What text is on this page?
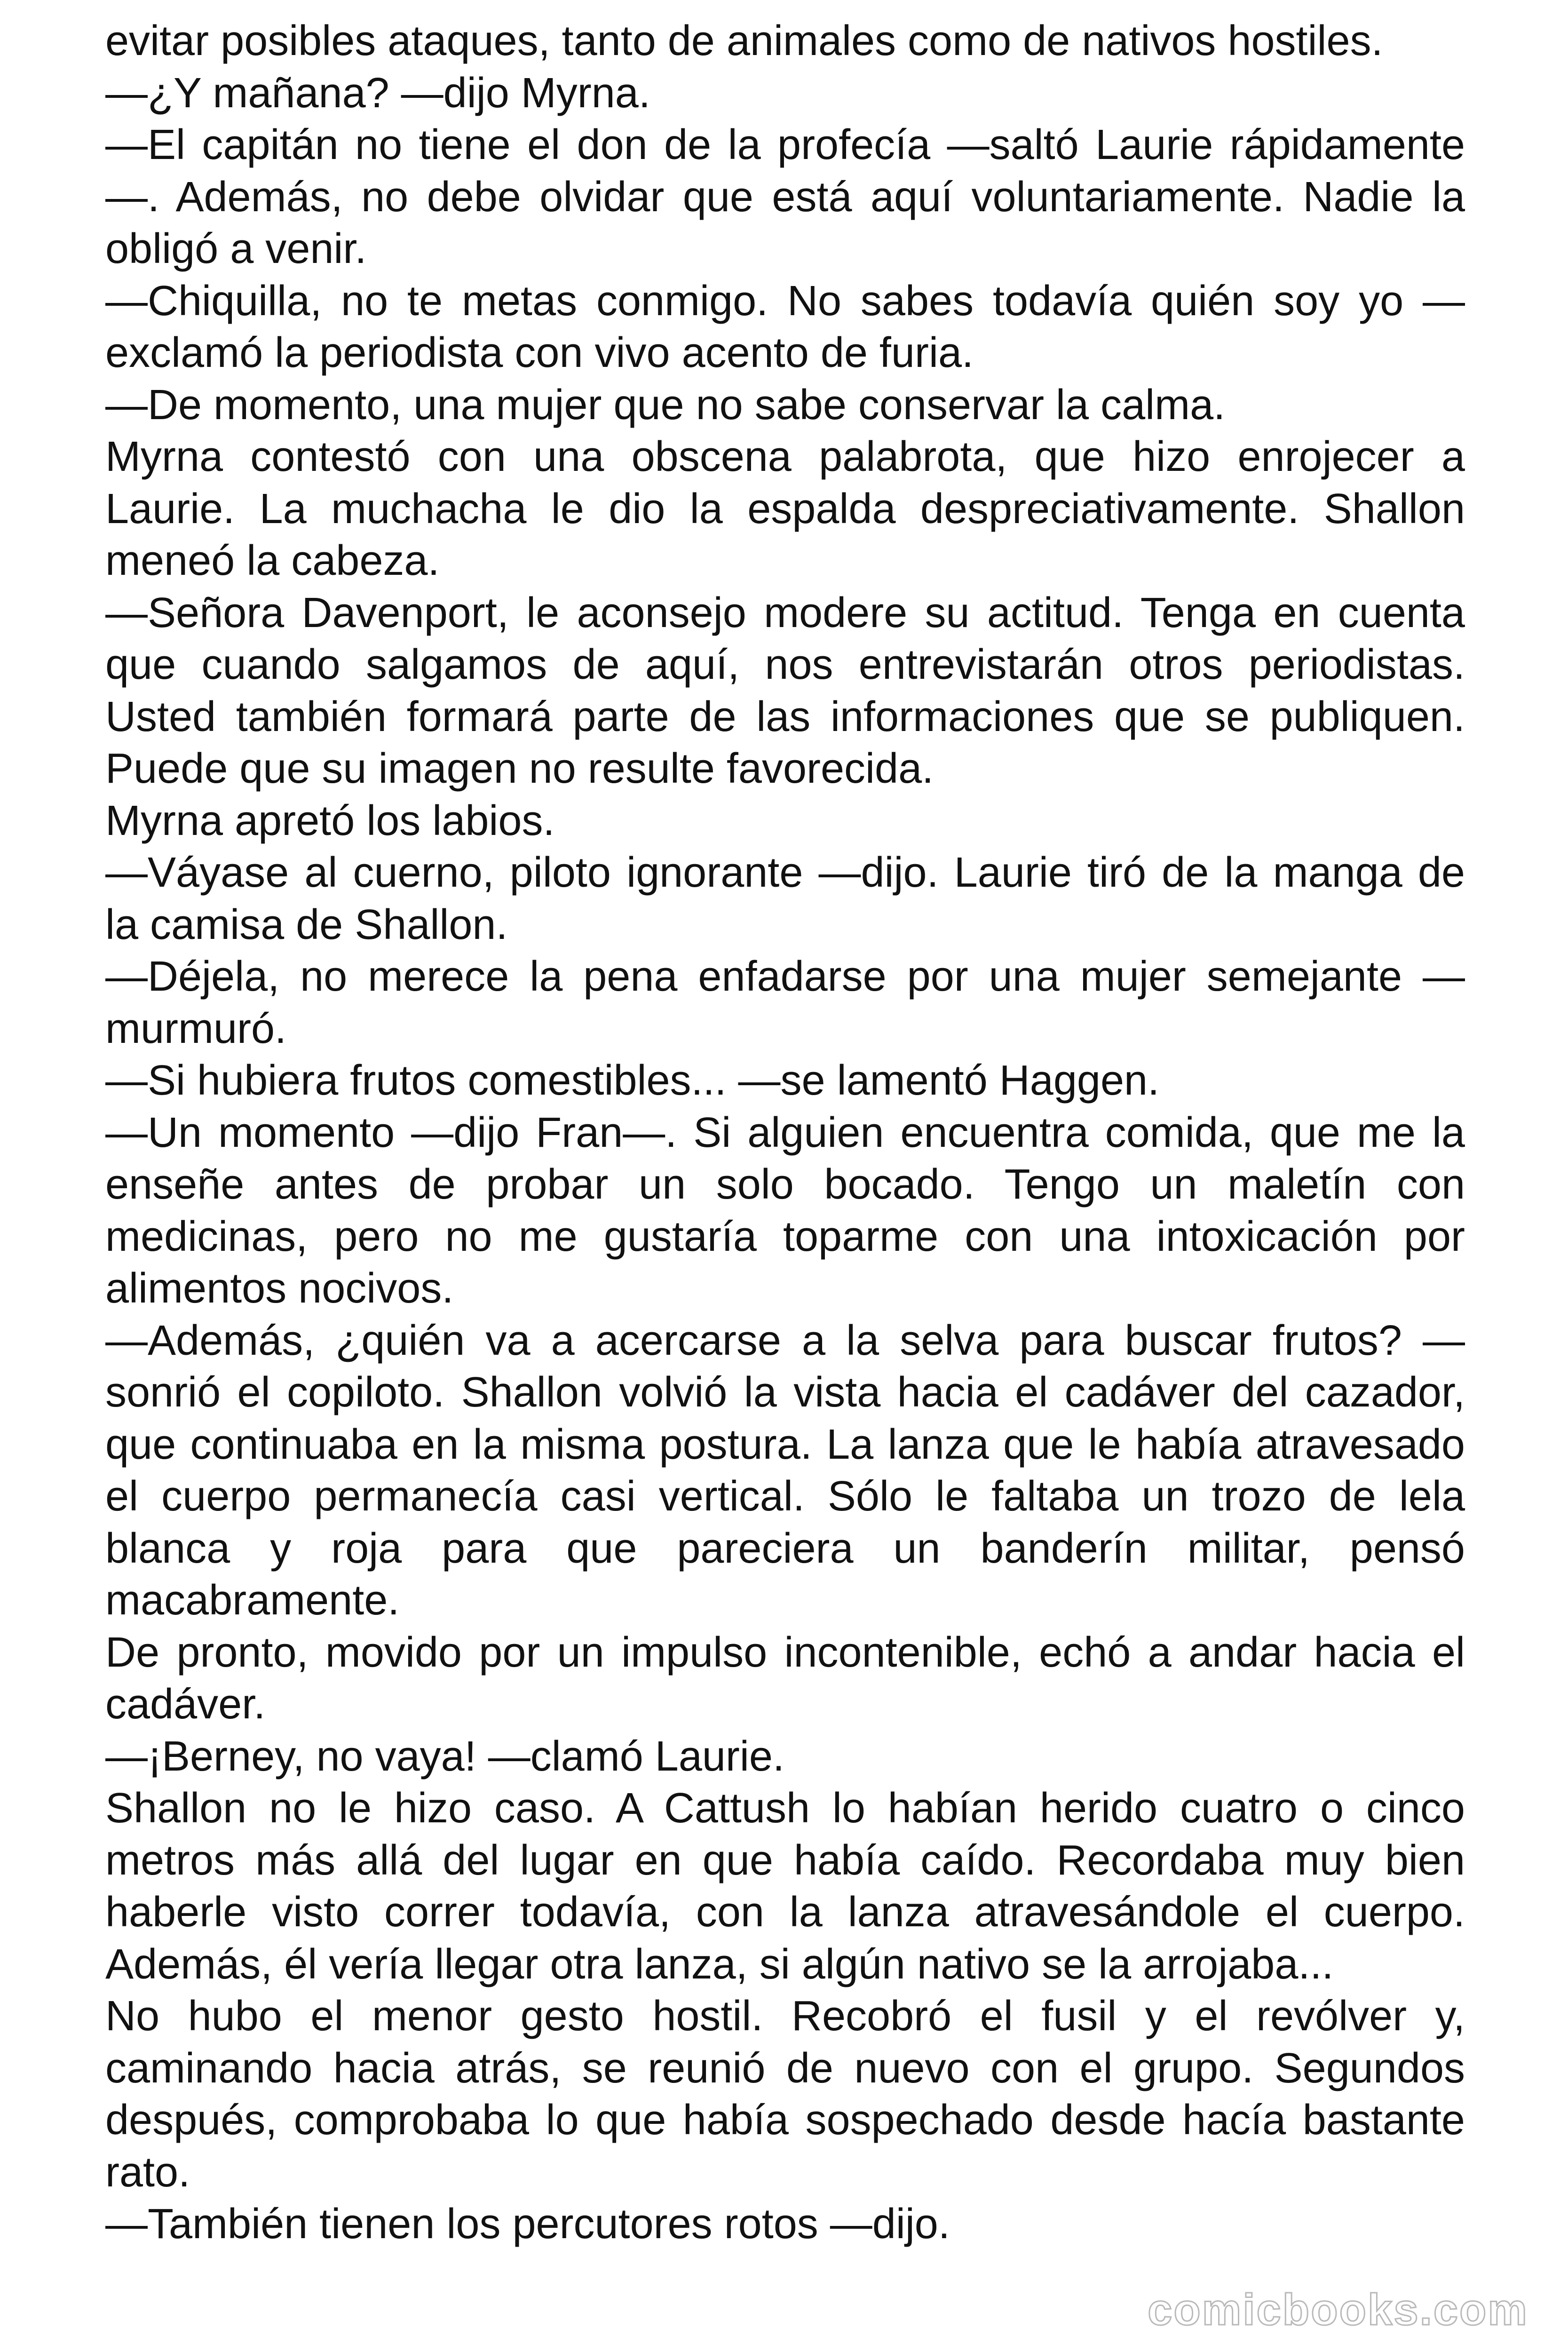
evitar posibles ataques, tanto de animales como de nativos hostiles.

—¿Y mañana? —dijo Myrna.

—El capitán no tiene el don de la profecía —saltó Laurie rápidamente —. Además, no debe olvidar que está aquí voluntariamente. Nadie la obligó a venir.

—Chiquilla, no te metas conmigo. No sabes todavía quién soy yo —exclamó la periodista con vivo acento de furia.

—De momento, una mujer que no sabe conservar la calma.

Myrna contestó con una obscena palabrota, que hizo enrojecer a Laurie. La muchacha le dio la espalda despreciativamente. Shallon meneó la cabeza.

—Señora Davenport, le aconsejo modere su actitud. Tenga en cuenta que cuando salgamos de aquí, nos entrevistarán otros periodistas. Usted también formará parte de las informaciones que se publiquen. Puede que su imagen no resulte favorecida.

Myrna apretó los labios.

—Váyase al cuerno, piloto ignorante —dijo. Laurie tiró de la manga de la camisa de Shallon.

—Déjela, no merece la pena enfadarse por una mujer semejante —murmuró.

—Si hubiera frutos comestibles... —se lamentó Haggen.

—Un momento —dijo Fran—. Si alguien encuentra comida, que me la enseñe antes de probar un solo bocado. Tengo un maletín con medicinas, pero no me gustaría toparme con una intoxicación por alimentos nocivos.

—Además, ¿quién va a acercarse a la selva para buscar frutos? —sonrió el copiloto. Shallon volvió la vista hacia el cadáver del cazador, que continuaba en la misma postura. La lanza que le había atravesado el cuerpo permanecía casi vertical. Sólo le faltaba un trozo de lela blanca y roja para que pareciera un banderín militar, pensó macabramente.

De pronto, movido por un impulso incontenible, echó a andar hacia el cadáver.

—¡Berney, no vaya! —clamó Laurie.

Shallon no le hizo caso. A Cattush lo habían herido cuatro o cinco metros más allá del lugar en que había caído. Recordaba muy bien haberle visto correr todavía, con la lanza atravesándole el cuerpo. Además, él vería llegar otra lanza, si algún nativo se la arrojaba...

No hubo el menor gesto hostil. Recobró el fusil y el revólver y, caminando hacia atrás, se reunió de nuevo con el grupo. Segundos después, comprobaba lo que había sospechado desde hacía bastante rato.

—También tienen los percutores rotos —dijo.

comicbooks.com
